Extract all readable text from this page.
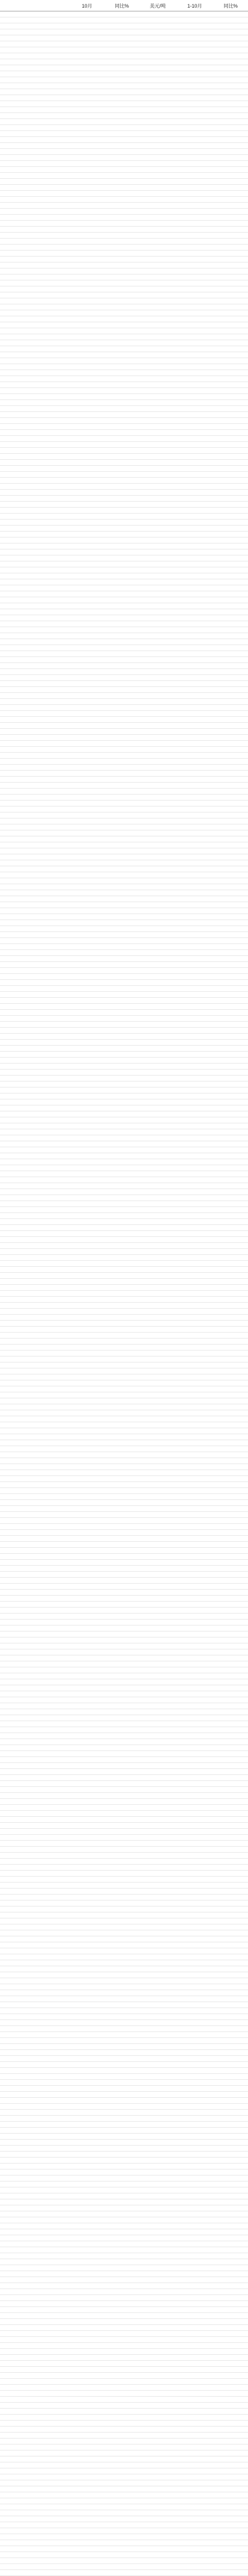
10月	同比%	美元/吨	1-10月	同比%
